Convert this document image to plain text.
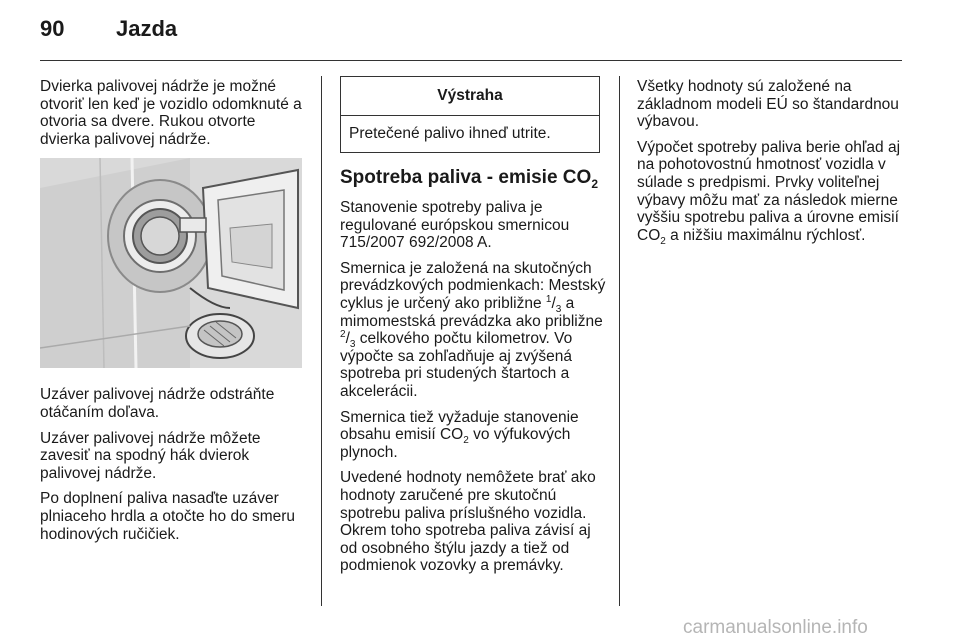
90 Jazda

Dvierka palivovej nádrže je možné otvoriť len keď je vozidlo odomknuté a otvoria sa dvere. Rukou otvorte dvierka palivovej nádrže.

Uzáver palivovej nádrže odstráňte otáčaním doľava.

Uzáver palivovej nádrže môžete zavesiť na spodný hák dvierok palivovej nádrže.

Po doplnení paliva nasaďte uzáver plniaceho hrdla a otočte ho do smeru hodinových ručičiek.

Výstraha
Pretečené palivo ihneď utrite.
Spotreba paliva - emisie $CO_2$

Stanovenie spotreby paliva je regulované európskou smernicou 715/2007 692/2008 A.

Smernica je založená na skutočných prevádzkových podmienkach: Mestský cyklus je určený ako približne $^1/_3$ a mimomestská prevádzka ako približne $^2/_3$ celkového počtu kilometrov. Vo výpočte sa zohľadňuje aj zvýšená spotreba pri studených štartoch a akcelerácii.

Smernica tiež vyžaduje stanovenie obsahu emisií $CO_2$ vo výfukových plynoch.

Uvedené hodnoty nemôžete brať ako hodnoty zaručené pre skutočnú spotrebu paliva príslušného vozidla. Okrem toho spotreba paliva závisí aj od osobného štýlu jazdy a tiež od podmienok vozovky a premávky.

Všetky hodnoty sú založené na základnom modeli EÚ so štandardnou výbavou.

Výpočet spotreby paliva berie ohľad aj na pohotovostnú hmotnosť vozidla v súlade s predpismi. Prvky voliteľnej výbavy môžu mať za následok mierne vyššiu spotrebu paliva a úrovne emisií $CO_2$ a nižšiu maximálnu rýchlosť.

carmanualsonline.info
